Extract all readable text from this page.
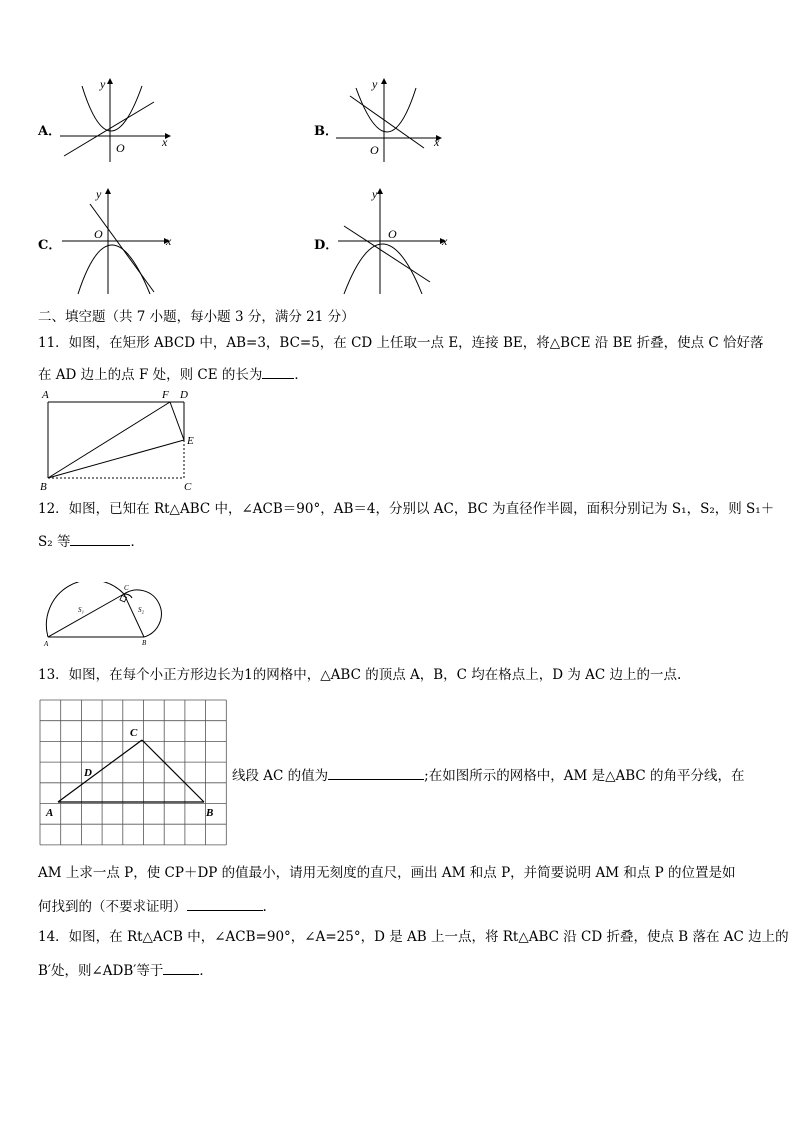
A．
O	x
y
B．
O
x
y
C．
O	x
y
D．
O	x
y
二、填空题（共 7 小题，每小题 3 分，满分 21 分）
11．如图，在矩形 ABCD 中，AB=3，BC=5，在 CD 上任取一点 E，连接 BE，将△BCE 沿 BE 折叠，使点 C 恰好落
在 AD 边上的点 F 处，则 CE 的长为 ．
A
B	C
D
E
F
12．如图，已知在 Rt△ABC 中，∠ACB＝90°，AB＝4，分别以 AC，BC 为直径作半圆，面积分别记为 S₁，S₂，则 S₁＋
S₂ 等	．
A	B
C
S₁	S₂
13．如图，在每个小正方形边长为1的网格中，△ABC 的顶点 A，B，C 均在格点上，D 为 AC 边上的一点.
C
D
A	B
线段 AC 的值为	;在如图所示的网格中，AM 是△ABC 的角平分线，在
AM 上求一点 P，使 CP＋DP 的值最小，请用无刻度的直尺，画出 AM 和点 P，并简要说明 AM 和点 P 的位置是如
何找到的（不要求证明）	.
14．如图，在 Rt△ACB 中，∠ACB=90°，∠A=25°，D 是 AB 上一点，将 Rt△ABC 沿 CD 折叠，使点 B 落在 AC 边上的
B′处，则∠ADB′等于	．
